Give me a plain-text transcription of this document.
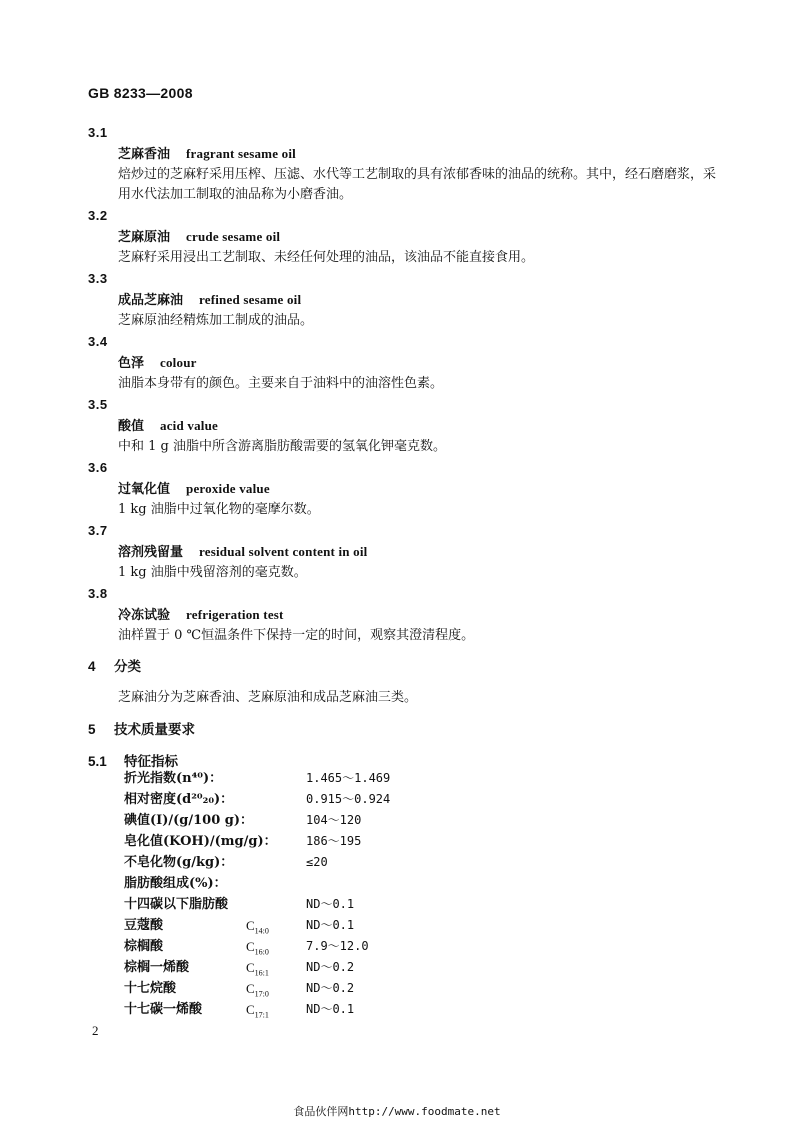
GB 8233—2008
3.1
芝麻香油 fragrant sesame oil
焙炒过的芝麻籽采用压榨、压滤、水代等工艺制取的具有浓郁香味的油品的统称。其中，经石磨磨浆，采用水代法加工制取的油品称为小磨香油。
3.2
芝麻原油 crude sesame oil
芝麻籽采用浸出工艺制取、未经任何处理的油品，该油品不能直接食用。
3.3
成品芝麻油 refined sesame oil
芝麻原油经精炼加工制成的油品。
3.4
色泽 colour
油脂本身带有的颜色。主要来自于油料中的油溶性色素。
3.5
酸值 acid value
中和 1 g 油脂中所含游离脂肪酸需要的氢氧化钾毫克数。
3.6
过氧化值 peroxide value
1 kg 油脂中过氧化物的毫摩尔数。
3.7
溶剂残留量 residual solvent content in oil
1 kg 油脂中残留溶剂的毫克数。
3.8
冷冻试验 refrigeration test
油样置于 0 ℃恒温条件下保持一定的时间，观察其澄清程度。
4 分类
芝麻油分为芝麻香油、芝麻原油和成品芝麻油三类。
5 技术质量要求
5.1 特征指标
折光指数(n⁴⁰)：	1.465～1.469
相对密度(d²⁰₂₀)：	0.915～0.924
碘值(I)/(g/100 g)：	104～120
皂化值(KOH)/(mg/g)： 186～195
不皂化物(g/kg)：	≤20
脂肪酸组成(%)：
十四碳以下脂肪酸	ND～0.1
豆蔻酸	$C_{14:0}$	ND～0.1
棕榈酸	$C_{16:0}$	7.9～12.0
棕榈一烯酸	$C_{16:1}$	ND～0.2
十七烷酸	$C_{17:0}$	ND～0.2
十七碳一烯酸	$C_{17:1}$	ND～0.1
2
食品伙伴网http://www.foodmate.net
